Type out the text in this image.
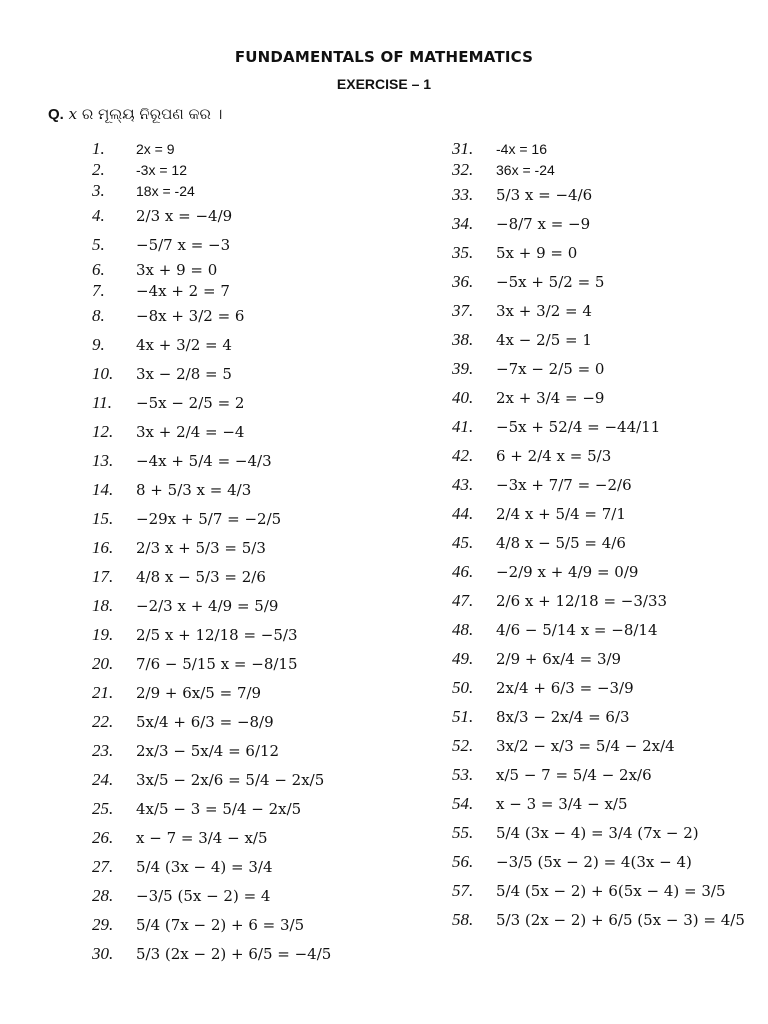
FUNDAMENTALS OF MATHEMATICS
EXERCISE – 1
Q. x ର ମୂଲ୍ୟ ନିରୂପଣ କର ।
1.	2x = 9
2.	-3x = 12
3.	18x = -24
4.	2/3 x = −4/9
5.	−5/7 x = −3
6.	3x + 9 = 0
7.	−4x + 2 = 7
8.	−8x + 3/2 = 6
9.	4x + 3/2 = 4
10.	3x − 2/8 = 5
11.	−5x − 2/5 = 2
12.	3x + 2/4 = −4
13.	−4x + 5/4 = −4/3
14.	8 + 5/3 x = 4/3
15.	−29x + 5/7 = −2/5
16.	2/3 x + 5/3 = 5/3
17.	4/8 x − 5/3 = 2/6
18.	−2/3 x + 4/9 = 5/9
19.	2/5 x + 12/18 = −5/3
20.	7/6 − 5/15 x = −8/15
21.	2/9 + 6x/5 = 7/9
22.	5x/4 + 6/3 = −8/9
23.	2x/3 − 5x/4 = 6/12
24.	3x/5 − 2x/6 = 5/4 − 2x/5
25.	4x/5 − 3 = 5/4 − 2x/5
26.	x − 7 = 3/4 − x/5
27.	5/4 (3x − 4) = 3/4
28.	−3/5 (5x − 2) = 4
29.	5/4 (7x − 2) + 6 = 3/5
30.	5/3 (2x − 2) + 6/5 = −4/5
31.	-4x = 16
32.	36x = -24
33.	5/3 x = −4/6
34.	−8/7 x = −9
35.	5x + 9 = 0
36.	−5x + 5/2 = 5
37.	3x + 3/2 = 4
38.	4x − 2/5 = 1
39.	−7x − 2/5 = 0
40.	2x + 3/4 = −9
41.	−5x + 52/4 = −44/11
42.	6 + 2/4 x = 5/3
43.	−3x + 7/7 = −2/6
44.	2/4 x + 5/4 = 7/1
45.	4/8 x − 5/5 = 4/6
46.	−2/9 x + 4/9 = 0/9
47.	2/6 x + 12/18 = −3/33
48.	4/6 − 5/14 x = −8/14
49.	2/9 + 6x/4 = 3/9
50.	2x/4 + 6/3 = −3/9
51.	8x/3 − 2x/4 = 6/3
52.	3x/2 − x/3 = 5/4 − 2x/4
53.	x/5 − 7 = 5/4 − 2x/6
54.	x − 3 = 3/4 − x/5
55.	5/4 (3x − 4) = 3/4 (7x − 2)
56.	−3/5 (5x − 2) = 4(3x − 4)
57.	5/4 (5x − 2) + 6(5x − 4) = 3/5
58.	5/3 (2x − 2) + 6/5 (5x − 3) = 4/5
